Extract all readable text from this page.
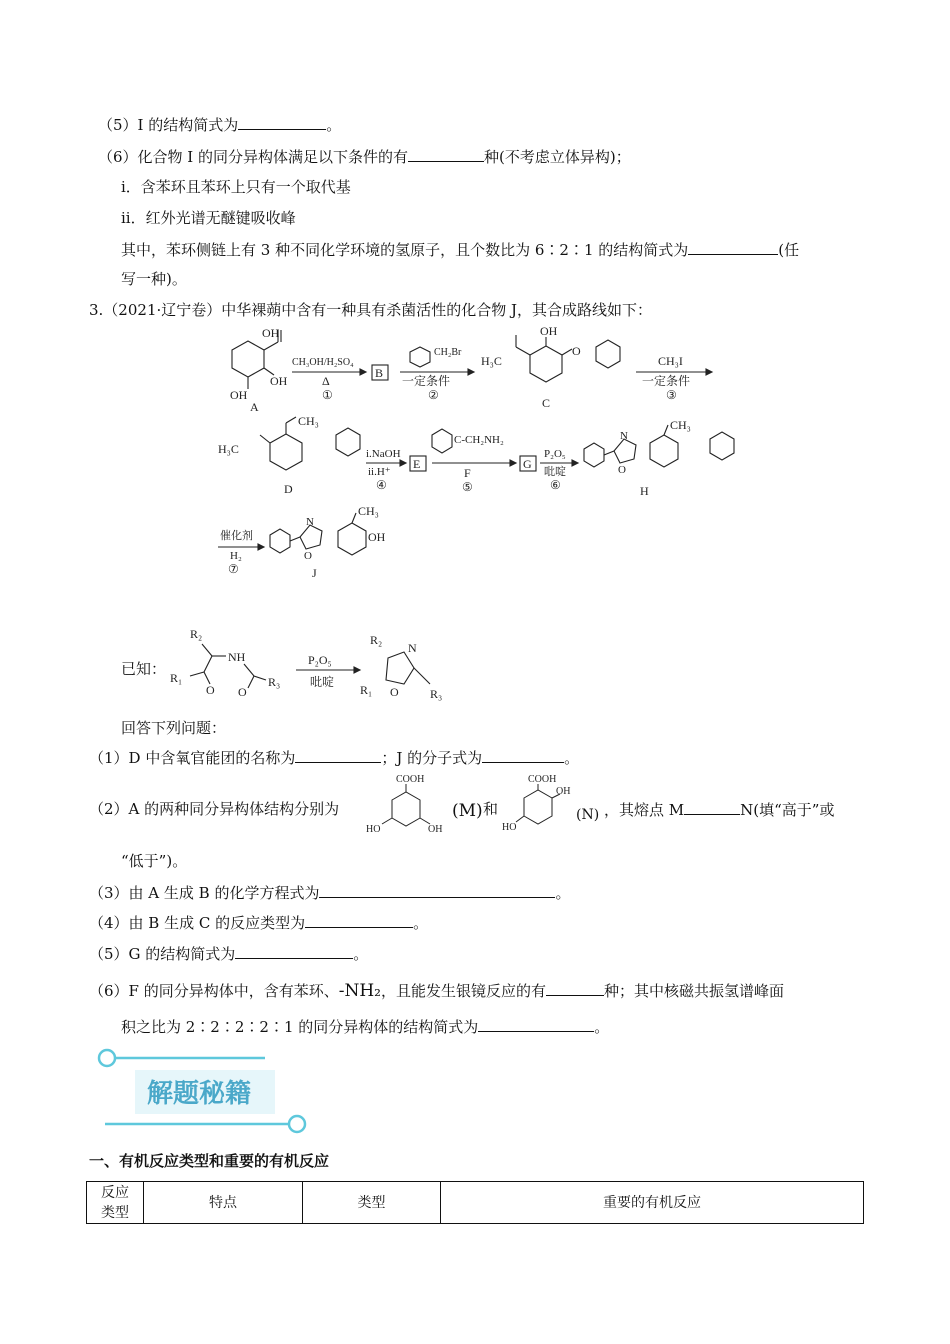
（5）I 的结构简式为	。
（6）化合物 I 的同分异构体满足以下条件的有	种(不考虑立体异构)；
i．含苯环且苯环上只有一个取代基
ii．红外光谱无醚键吸收峰
其中，苯环侧链上有 3 种不同化学环境的氢原子，且个数比为 6∶2∶1 的结构简式为	(任
写一种)。
3.（2021·辽宁卷）中华裸蒴中含有一种具有杀菌活性的化合物 J，其合成路线如下：
OH
OH
OH
A
CH₃OH/H₂SO₄
Δ
①
B
CH₂Br
一定条件
②
H₃C
OH
O
C
CH₃I
一定条件
③
H₃C
CH₃
D
i.NaOH
ii.H⁺
④
E
C-CH₂NH₂
F
⑤
G
P₂O₅
吡啶
⑥
N
O
CH₃
H
催化剂
H₂
⑦
N
O
CH₃
OH
J
已知：
R₂
NH
R₁
O O
R₃
P₂O₅
吡啶
R₂
N
O
R₁	R₃
回答下列问题：
（1）D 中含氧官能团的名称为	；J 的分子式为	。
（2）A 的两种同分异构体结构分别为
COOH
HO	OH
(M) 和
COOH
OH
HO
(N) ，其熔点 M	N(填“高于”或
“低于”)。
（3）由 A 生成 B 的化学方程式为	。
（4）由 B 生成 C 的反应类型为	。
（5）G 的结构简式为	。
（6）F 的同分异构体中，含有苯环、-NH₂，且能发生银镜反应的有	种；其中核磁共振氢谱峰面
积之比为 2∶2∶2∶2∶1 的同分异构体的结构简式为	。
解题秘籍
一、有机反应类型和重要的有机反应
反应
类型	特点	类型	重要的有机反应
